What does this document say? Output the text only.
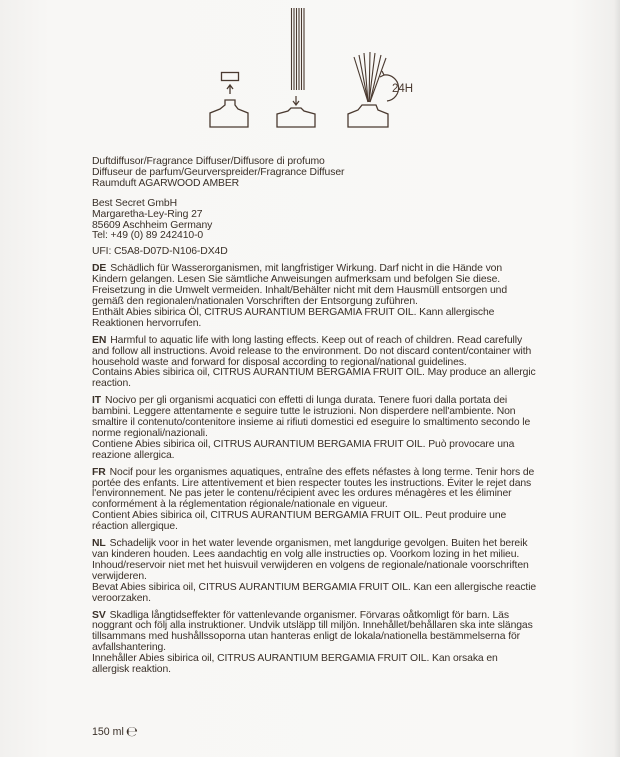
24H
Duftdiffusor/Fragrance Diffuser/Diffusore di profumo
Diffuseur de parfum/Geurverspreider/Fragrance Diffuser
Raumduft AGARWOOD AMBER
Best Secret GmbH
Margaretha-Ley-Ring 27
85609 Aschheim Germany
Tel: +49 (0) 89 242410-0
UFI: C5A8-D07D-N106-DX4D

DE Schädlich für Wasserorganismen, mit langfristiger Wirkung. Darf nicht in die Hände von Kindern gelangen. Lesen Sie sämtliche Anweisungen aufmerksam und befolgen Sie diese. Freisetzung in die Umwelt vermeiden. Inhalt/Behälter nicht mit dem Hausmüll entsorgen und gemäß den regionalen/nationalen Vorschriften der Entsorgung zuführen.

Enthält Abies sibirica Öl, CITRUS AURANTIUM BERGAMIA FRUIT OIL. Kann allergische Reaktionen hervorrufen.

EN Harmful to aquatic life with long lasting effects. Keep out of reach of children. Read carefully and follow all instructions. Avoid release to the environment. Do not discard content/container with household waste and forward for disposal according to regional/national guidelines.

Contains Abies sibirica oil, CITRUS AURANTIUM BERGAMIA FRUIT OIL. May produce an allergic reaction.

IT Nocivo per gli organismi acquatici con effetti di lunga durata. Tenere fuori dalla portata dei bambini. Leggere attentamente e seguire tutte le istruzioni. Non disperdere nell'ambiente. Non smaltire il contenuto/contenitore insieme ai rifiuti domestici ed eseguire lo smaltimento secondo le norme regionali/nazionali.

Contiene Abies sibirica oil, CITRUS AURANTIUM BERGAMIA FRUIT OIL. Può provocare una reazione allergica.

FR Nocif pour les organismes aquatiques, entraîne des effets néfastes à long terme. Tenir hors de portée des enfants. Lire attentivement et bien respecter toutes les instructions. Éviter le rejet dans l'environnement. Ne pas jeter le contenu/récipient avec les ordures ménagères et les éliminer conformément à la réglementation régionale/nationale en vigueur.

Contient Abies sibirica oil, CITRUS AURANTIUM BERGAMIA FRUIT OIL. Peut produire une réaction allergique.

NL Schadelijk voor in het water levende organismen, met langdurige gevolgen. Buiten het bereik van kinderen houden. Lees aandachtig en volg alle instructies op. Voorkom lozing in het milieu. Inhoud/reservoir niet met het huisvuil verwijderen en volgens de regionale/nationale voorschriften verwijderen.

Bevat Abies sibirica oil, CITRUS AURANTIUM BERGAMIA FRUIT OIL. Kan een allergische reactie veroorzaken.

SV Skadliga långtidseffekter för vattenlevande organismer. Förvaras oåtkomligt för barn. Läs noggrant och följ alla instruktioner. Undvik utsläpp till miljön. Innehållet/behållaren ska inte slängas tillsammans med hushållssoporna utan hanteras enligt de lokala/nationella bestämmelserna för avfallshantering.

Innehåller Abies sibirica oil, CITRUS AURANTIUM BERGAMIA FRUIT OIL. Kan orsaka en allergisk reaktion.

150 ml ℮
